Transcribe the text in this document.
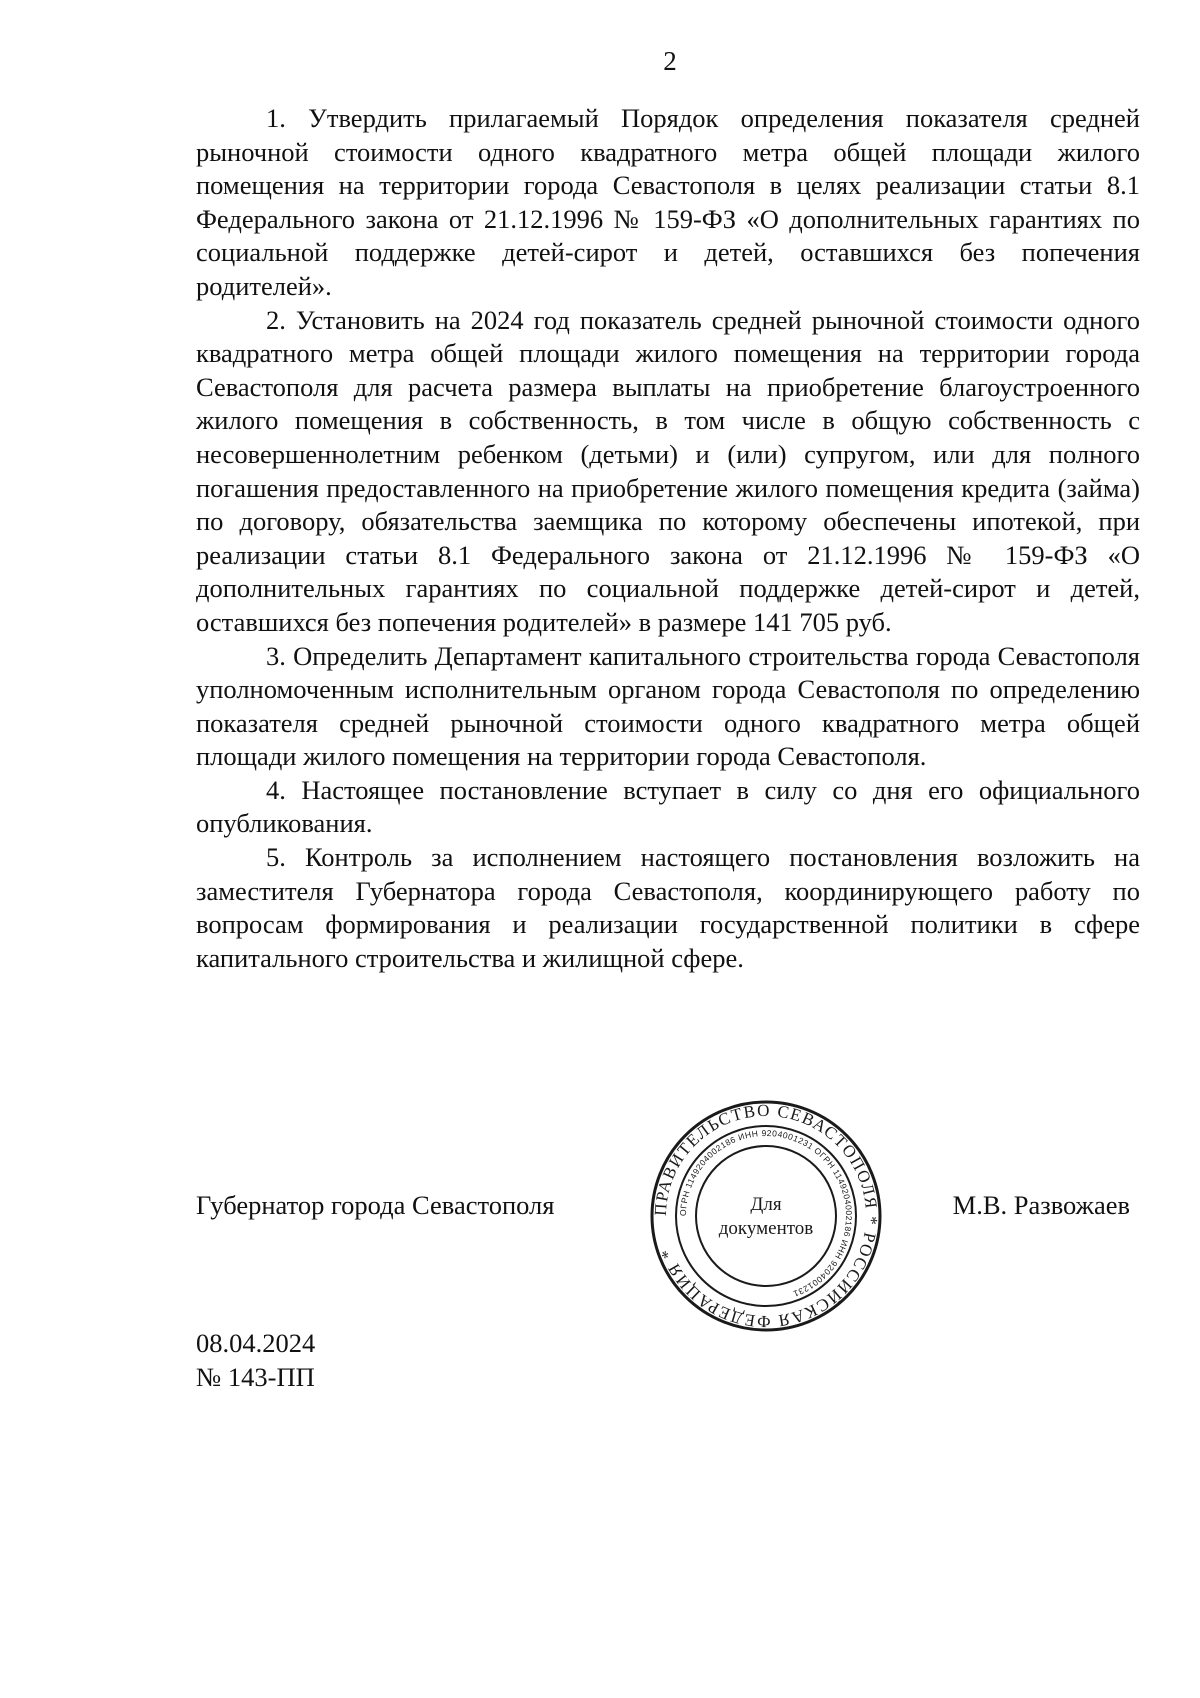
2

1. Утвердить прилагаемый Порядок определения показателя средней рыночной стоимости одного квадратного метра общей площади жилого помещения на территории города Севастополя в целях реализации статьи 8.1 Федерального закона от 21.12.1996 № 159-ФЗ «О дополнительных гарантиях по социальной поддержке детей-сирот и детей, оставшихся без попечения родителей».

2. Установить на 2024 год показатель средней рыночной стоимости одного квадратного метра общей площади жилого помещения на территории города Севастополя для расчета размера выплаты на приобретение благоустроенного жилого помещения в собственность, в том числе в общую собственность с несовершеннолетним ребенком (детьми) и (или) супругом, или для полного погашения предоставленного на приобретение жилого помещения кредита (займа) по договору, обязательства заемщика по которому обеспечены ипотекой, при реализации статьи 8.1 Федерального закона от 21.12.1996 № 159-ФЗ «О дополнительных гарантиях по социальной поддержке детей-сирот и детей, оставшихся без попечения родителей» в размере 141 705 руб.

3. Определить Департамент капитального строительства города Севастополя уполномоченным исполнительным органом города Севастополя по определению показателя средней рыночной стоимости одного квадратного метра общей площади жилого помещения на территории города Севастополя.

4. Настоящее постановление вступает в силу со дня его официального опубликования.

5. Контроль за исполнением настоящего постановления возложить на заместителя Губернатора города Севастополя, координирующего работу по вопросам формирования и реализации государственной политики в сфере капитального строительства и жилищной сфере.

Губернатор города Севастополя	М.В. Развожаев
ПРАВИТЕЛЬСТВО СЕВАСТОПОЛЯ * РОССИЙСКАЯ ФЕДЕРАЦИЯ *
ОГРН 1149204002186 ИНН 9204001231 ОГРН 1149204002186 ИНН 9204001231
Для
документов
08.04.2024
№ 143-ПП
